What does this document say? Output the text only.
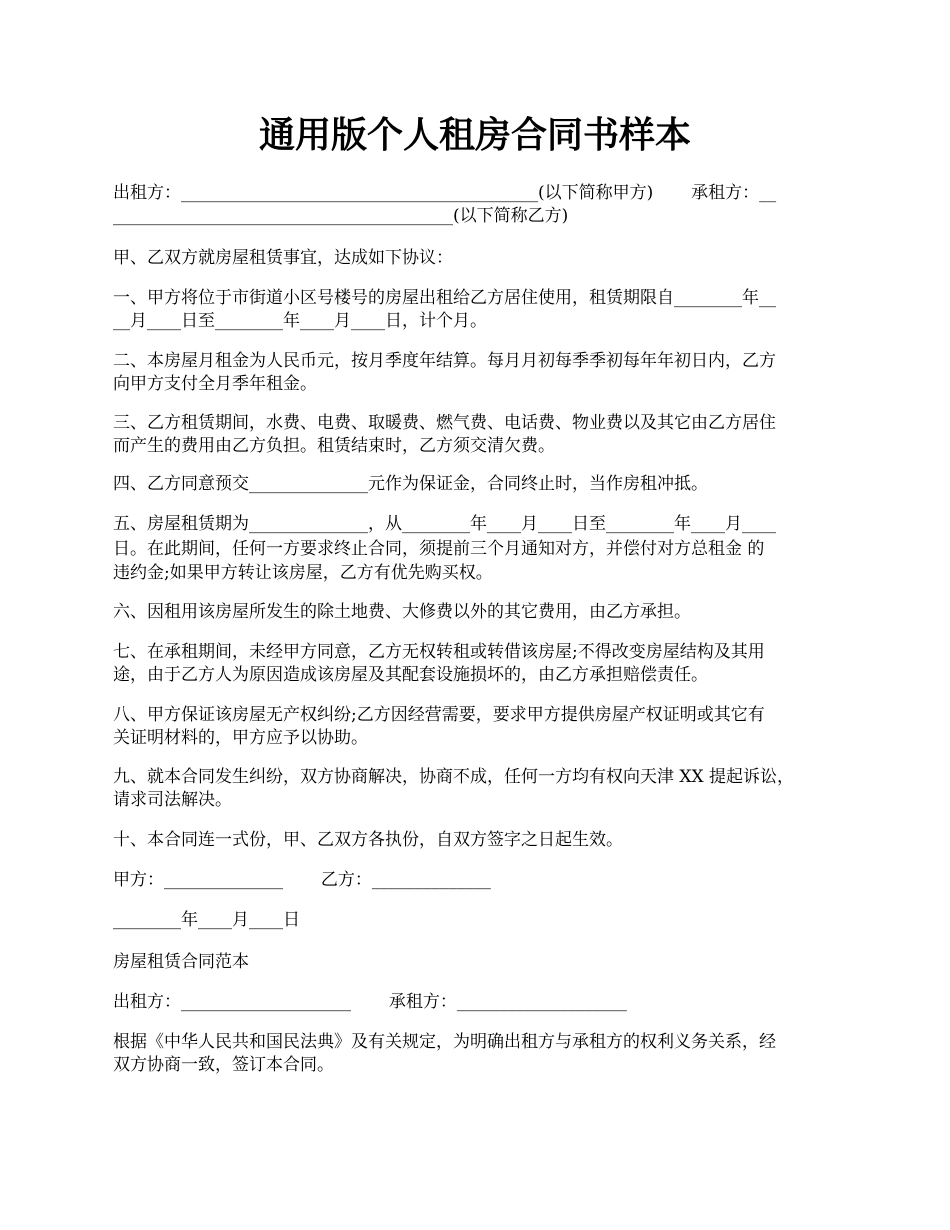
通用版个人租房合同书样本
出租方：__________________________________________(以下简称甲方)       承租方：__
________________________________________(以下简称乙方)
甲、乙双方就房屋租赁事宜，达成如下协议：
一、甲方将位于市街道小区号楼号的房屋出租给乙方居住使用，租赁期限自________年__
__月____日至________年____月____日，计个月。
二、本房屋月租金为人民币元，按月季度年结算。每月月初每季季初每年年初日内，乙方
向甲方支付全月季年租金。
三、乙方租赁期间，水费、电费、取暖费、燃气费、电话费、物业费以及其它由乙方居住
而产生的费用由乙方负担。租赁结束时，乙方须交清欠费。
四、乙方同意预交______________元作为保证金，合同终止时，当作房租冲抵。
五、房屋租赁期为______________，从________年____月____日至________年____月____
日。在此期间，任何一方要求终止合同，须提前三个月通知对方，并偿付对方总租金 的
违约金;如果甲方转让该房屋，乙方有优先购买权。
六、因租用该房屋所发生的除土地费、大修费以外的其它费用，由乙方承担。
七、在承租期间，未经甲方同意，乙方无权转租或转借该房屋;不得改变房屋结构及其用
途，由于乙方人为原因造成该房屋及其配套设施损坏的，由乙方承担赔偿责任。
八、甲方保证该房屋无产权纠纷;乙方因经营需要，要求甲方提供房屋产权证明或其它有
关证明材料的，甲方应予以协助。
九、就本合同发生纠纷，双方协商解决，协商不成，任何一方均有权向天津 XX 提起诉讼，
请求司法解决。
十、本合同连一式份，甲、乙双方各执份，自双方签字之日起生效。
甲方：______________       乙方：______________
________年____月____日
房屋租赁合同范本
出租方：____________________       承租方：____________________
根据《中华人民共和国民法典》及有关规定，为明确出租方与承租方的权利义务关系，经
双方协商一致，签订本合同。
